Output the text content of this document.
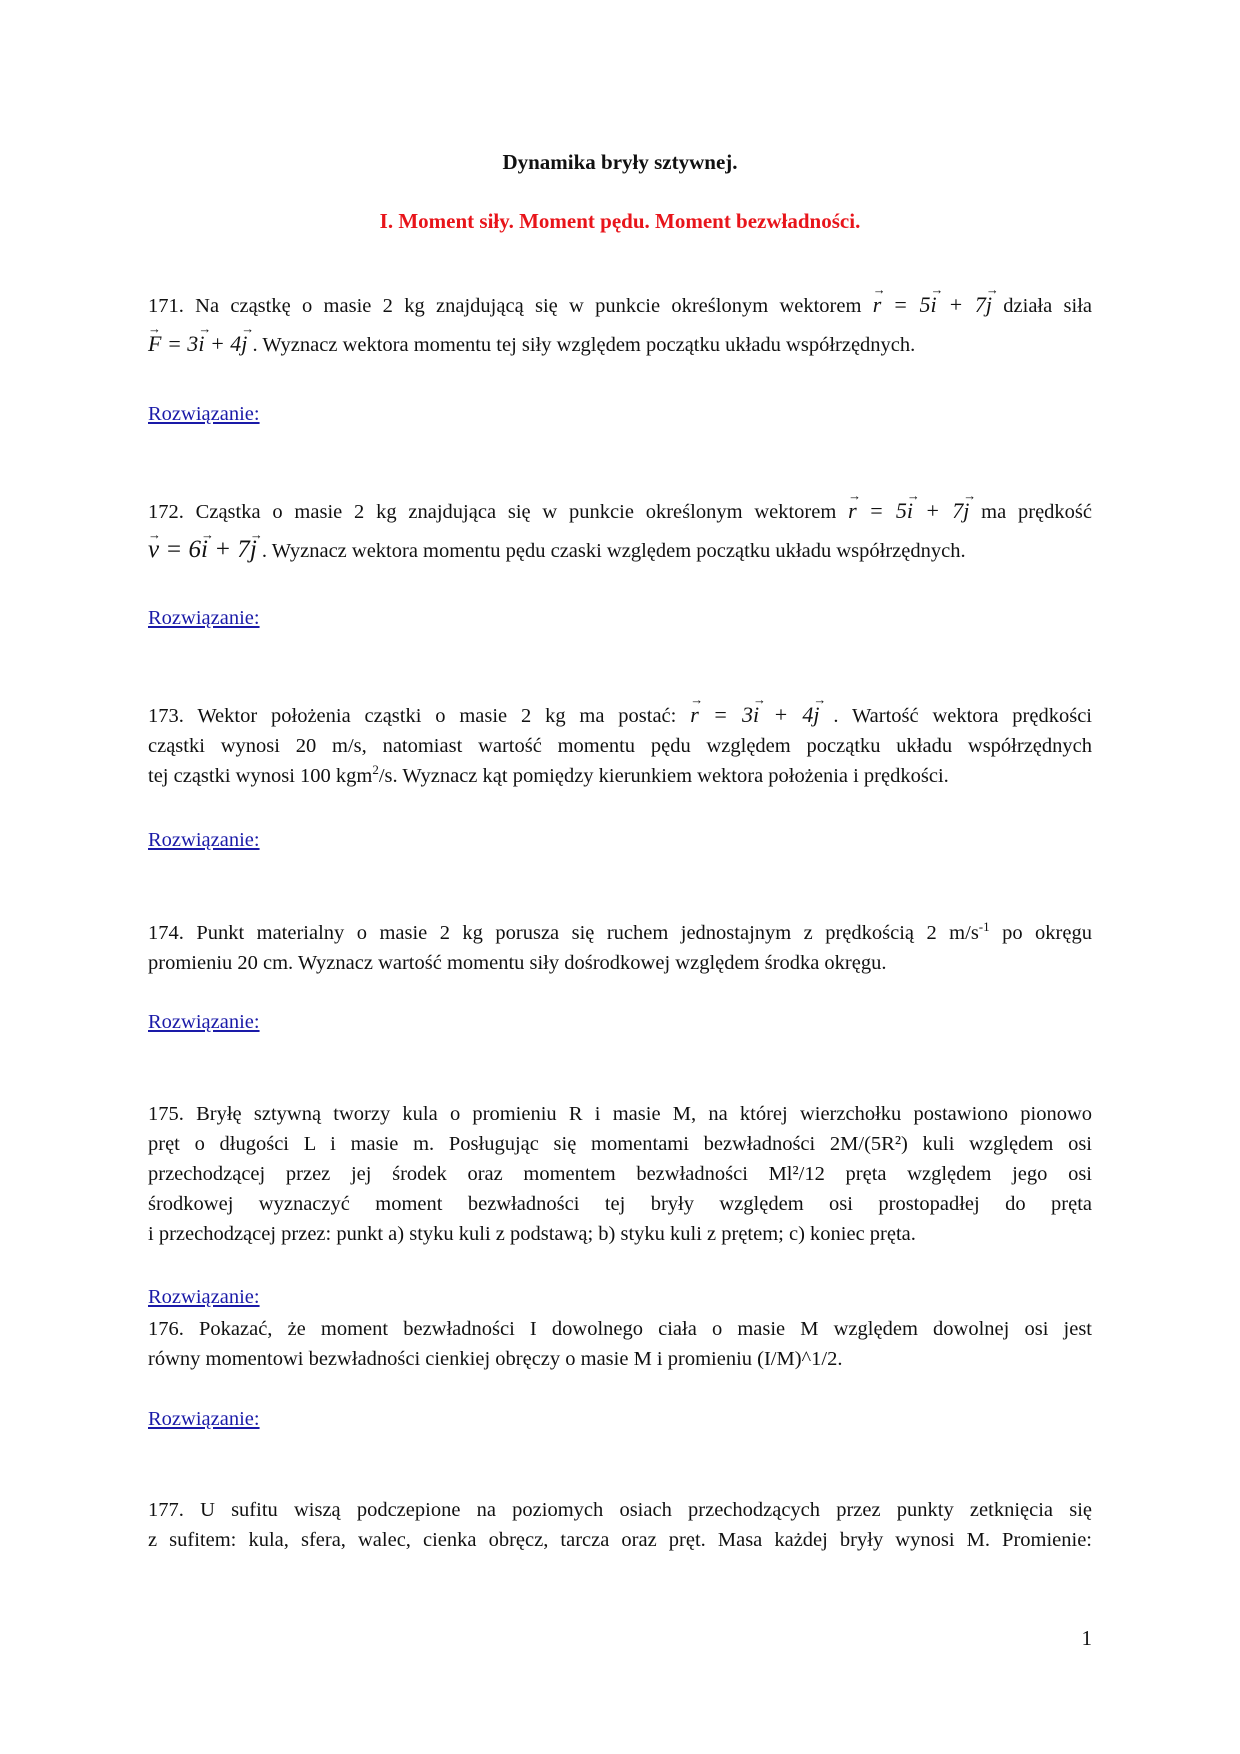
Dynamika bryły sztywnej.
I. Moment siły. Moment pędu. Moment bezwładności.
171. Na cząstkę o masie 2 kg znajdującą się w punkcie określonym wektorem r → = 5i → + 7j → działa siła
F → = 3i → + 4j → . Wyznacz wektora momentu tej siły względem początku układu współrzędnych.
Rozwiązanie:
172. Cząstka o masie 2 kg znajdująca się w punkcie określonym wektorem r → = 5i → + 7j → ma prędkość
v → = 6i → + 7j → . Wyznacz wektora momentu pędu czaski względem początku układu współrzędnych.
Rozwiązanie:
173. Wektor położenia cząstki o masie 2 kg ma postać: r → = 3i → + 4j → . Wartość wektora prędkości
cząstki wynosi 20 m/s, natomiast wartość momentu pędu względem początku układu współrzędnych
tej cząstki wynosi 100 kgm$^2$/s. Wyznacz kąt pomiędzy kierunkiem wektora położenia i prędkości.
Rozwiązanie:
174. Punkt materialny o masie 2 kg porusza się ruchem jednostajnym z prędkością 2 $m/s^{-1}$ po okręgu
promieniu 20 cm. Wyznacz wartość momentu siły dośrodkowej względem środka okręgu.
Rozwiązanie:
175. Bryłę sztywną tworzy kula o promieniu R i masie M, na której wierzchołku postawiono pionowo
pręt o długości L i masie m. Posługując się momentami bezwładności 2M/(5R²) kuli względem osi
przechodzącej przez jej środek oraz momentem bezwładności Ml²/12 pręta względem jego osi
środkowej wyznaczyć moment bezwładności tej bryły względem osi prostopadłej do pręta
i przechodzącej przez: punkt a) styku kuli z podstawą; b) styku kuli z prętem; c) koniec pręta.
Rozwiązanie:
176. Pokazać, że moment bezwładności I dowolnego ciała o masie M względem dowolnej osi jest
równy momentowi bezwładności cienkiej obręczy o masie M i promieniu (I/M)^1/2.
Rozwiązanie:
177. U sufitu wiszą podczepione na poziomych osiach przechodzących przez punkty zetknięcia się
z sufitem: kula, sfera, walec, cienka obręcz, tarcza oraz pręt. Masa każdej bryły wynosi M. Promienie:
1
